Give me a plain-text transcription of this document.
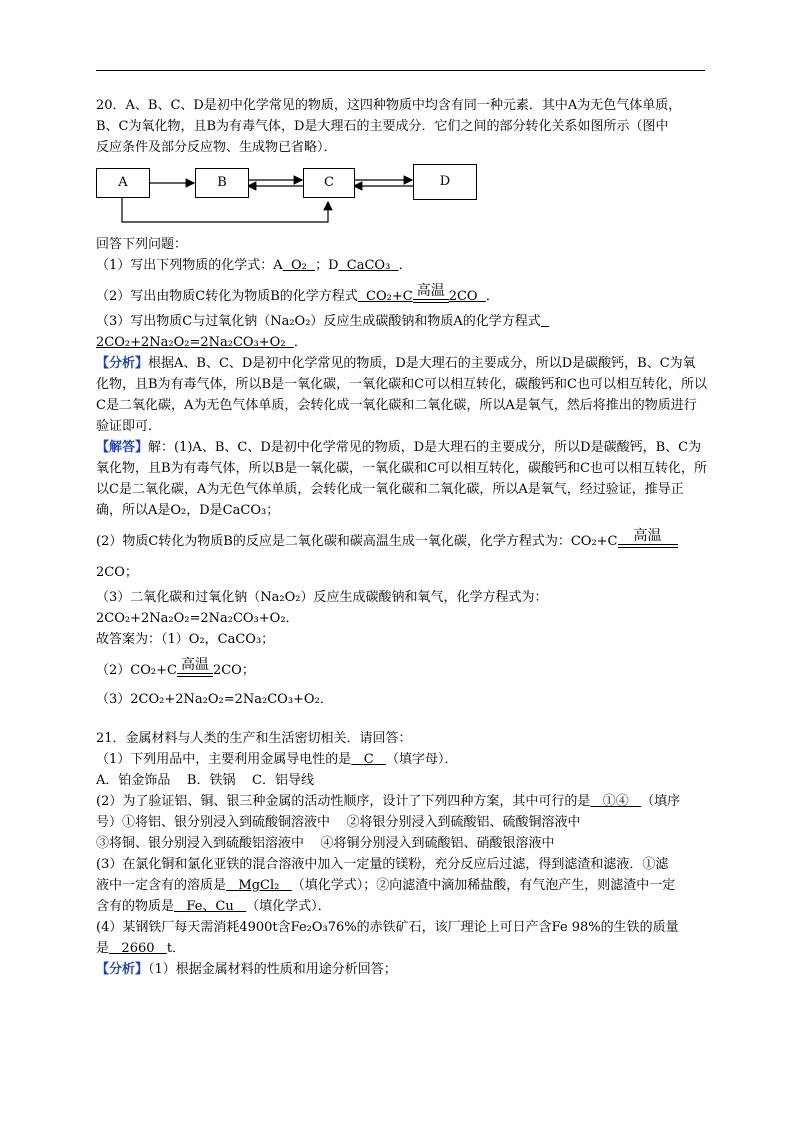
20．A、B、C、D是初中化学常见的物质，这四种物质中均含有同一种元素．其中A为无色气体单质，

B、C为氧化物，且B为有毒气体，D是大理石的主要成分．它们之间的部分转化关系如图所示（图中

反应条件及部分反应物、生成物已省略）．

A	B	C	D

回答下列问题：

（1）写出下列物质的化学式：A O₂ ；D CaCO₃ ．

（2）写出由物质C转化为物质B的化学方程式 CO₂+C 高温 2CO ．

（3）写出物质C与过氧化钠（Na₂O₂）反应生成碳酸钠和物质A的化学方程式
2CO₂+2Na₂O₂=2Na₂CO₃+O₂ ．

【分析】根据A、B、C、D是初中化学常见的物质，D是大理石的主要成分，所以D是碳酸钙，B、C为氧化物，且B为有毒气体，所以B是一氧化碳，一氧化碳和C可以相互转化，碳酸钙和C也可以相互转化，所以C是二氧化碳，A为无色气体单质，会转化成一氧化碳和二氧化碳，所以A是氧气，然后将推出的物质进行验证即可．

【解答】解：(1)A、B、C、D是初中化学常见的物质，D是大理石的主要成分，所以D是碳酸钙，B、C为氧化物，且B为有毒气体，所以B是一氧化碳，一氧化碳和C可以相互转化，碳酸钙和C也可以相互转化，所以C是二氧化碳，A为无色气体单质，会转化成一氧化碳和二氧化碳，所以A是氧气，经过验证，推导正确，所以A是O₂，D是CaCO₃；

(2）物质C转化为物质B的反应是二氧化碳和碳高温生成一氧化碳，化学方程式为：CO₂+C	高温

2CO；

（3）二氧化碳和过氧化钠（Na₂O₂）反应生成碳酸钠和氧气，化学方程式为：

2CO₂+2Na₂O₂=2Na₂CO₃+O₂．

故答案为：（1）O₂，CaCO₃；

（2）CO₂+C 高温 2CO；

（3）2CO₂+2Na₂O₂=2Na₂CO₃+O₂．

21．金属材料与人类的生产和生活密切相关．请回答：

（1）下列用品中，主要利用金属导电性的是 C （填字母）．

A．铂金饰品    B．铁锅    C．铝导线

(2）为了验证铝、铜、银三种金属的活动性顺序，设计了下列四种方案，其中可行的是 ①④ （填序

号）①将铝、银分别浸入到硫酸铜溶液中    ②将银分别浸入到硫酸铝、硫酸铜溶液中

③将铜、银分别浸入到硫酸铝溶液中    ④将铜分别浸入到硫酸铝、硝酸银溶液中

(3）在氯化铜和氯化亚铁的混合溶液中加入一定量的镁粉，充分反应后过滤，得到滤渣和滤液．①滤

液中一定含有的溶质是 MgCl₂ （填化学式）；②向滤渣中滴加稀盐酸，有气泡产生，则滤渣中一定

含有的物质是 Fe、Cu （填化学式）．

(4）某钢铁厂每天需消耗4900t含Fe₂O₃76%的赤铁矿石，该厂理论上可日产含Fe 98%的生铁的质量

是 2660 t．

【分析】（1）根据金属材料的性质和用途分析回答；
